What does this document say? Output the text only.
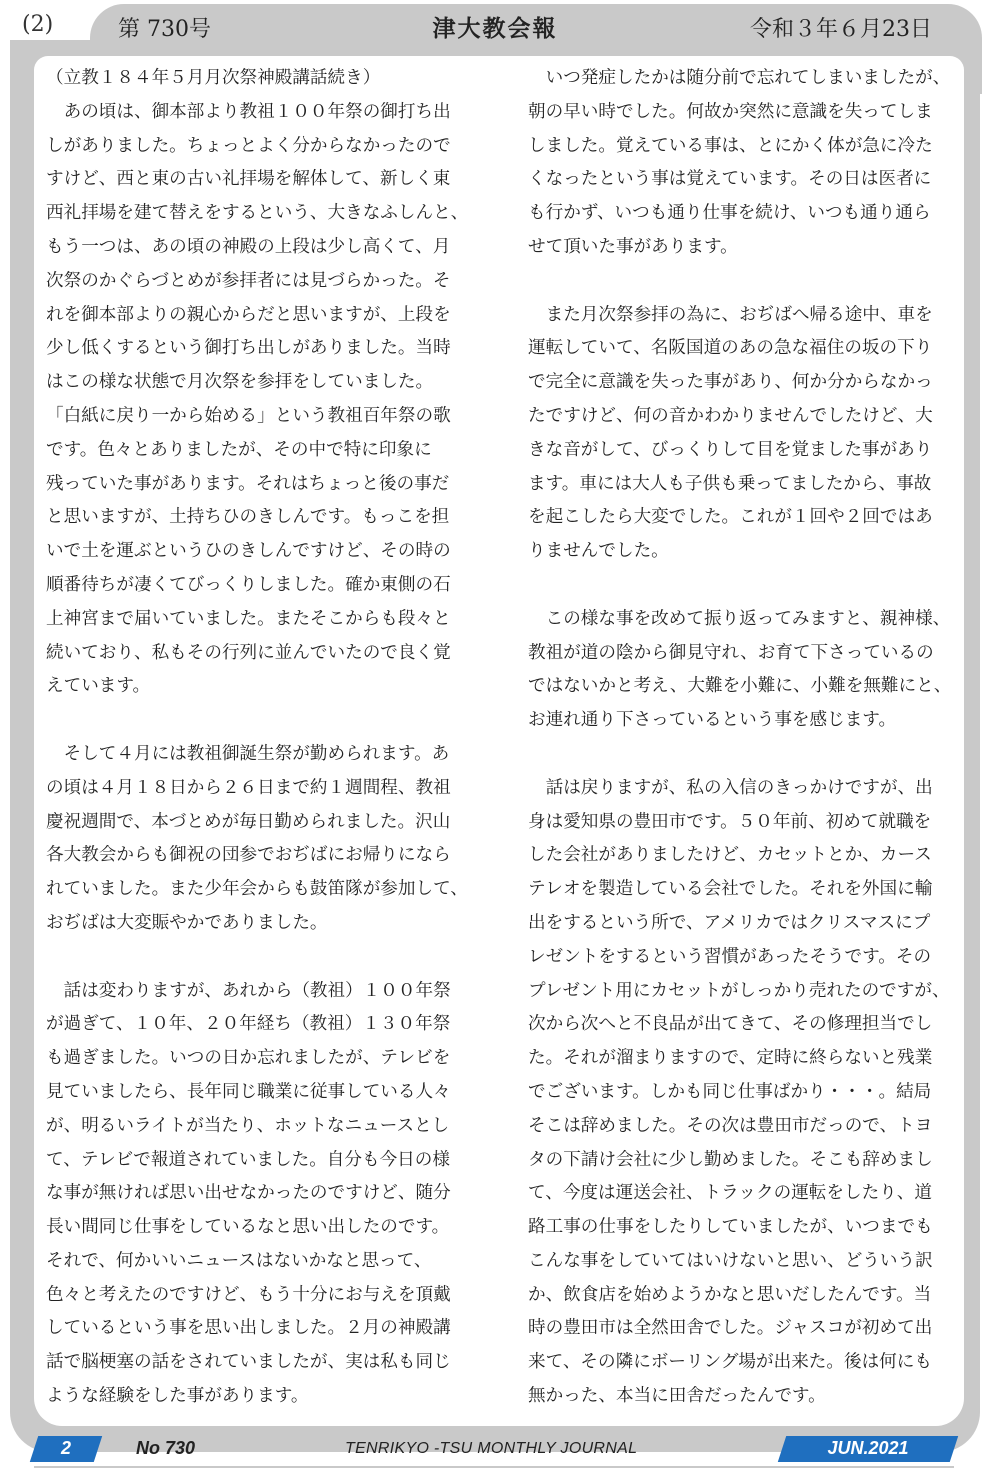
(2)	第 730号	津大教会報	令和３年６月23日
（立教１８４年５月月次祭神殿講話続き）
　あの頃は、御本部より教祖１００年祭の御打ち出
しがありました。ちょっとよく分からなかったので
すけど、西と東の古い礼拝場を解体して、新しく東
西礼拝場を建て替えをするという、大きなふしんと、
もう一つは、あの頃の神殿の上段は少し高くて、月
次祭のかぐらづとめが参拝者には見づらかった。そ
れを御本部よりの親心からだと思いますが、上段を
少し低くするという御打ち出しがありました。当時
はこの様な状態で月次祭を参拝をしていました。
「白紙に戻り一から始める」という教祖百年祭の歌
です。色々とありましたが、その中で特に印象に
残っていた事があります。それはちょっと後の事だ
と思いますが、土持ちひのきしんです。もっこを担
いで土を運ぶというひのきしんですけど、その時の
順番待ちが凄くてびっくりしました。確か東側の石
上神宮まで届いていました。またそこからも段々と
続いており、私もその行列に並んでいたので良く覚
えています。
　そして４月には教祖御誕生祭が勤められます。あ
の頃は４月１８日から２６日まで約１週間程、教祖
慶祝週間で、本づとめが毎日勤められました。沢山
各大教会からも御祝の団参でおぢばにお帰りになら
れていました。また少年会からも鼓笛隊が参加して、
おぢばは大変賑やかでありました。
　話は変わりますが、あれから（教祖）１００年祭
が過ぎて、１０年、２０年経ち（教祖）１３０年祭
も過ぎました。いつの日か忘れましたが、テレビを
見ていましたら、長年同じ職業に従事している人々
が、明るいライトが当たり、ホットなニュースとし
て、テレビで報道されていました。自分も今日の様
な事が無ければ思い出せなかったのですけど、随分
長い間同じ仕事をしているなと思い出したのです。
それで、何かいいニュースはないかなと思って、
色々と考えたのですけど、もう十分にお与えを頂戴
しているという事を思い出しました。２月の神殿講
話で脳梗塞の話をされていましたが、実は私も同じ
ような経験をした事があります。
　いつ発症したかは随分前で忘れてしまいましたが、
朝の早い時でした。何故か突然に意識を失ってしま
しました。覚えている事は、とにかく体が急に冷た
くなったという事は覚えています。その日は医者に
も行かず、いつも通り仕事を続け、いつも通り通ら
せて頂いた事があります。
　また月次祭参拝の為に、おぢばへ帰る途中、車を
運転していて、名阪国道のあの急な福住の坂の下り
で完全に意識を失った事があり、何か分からなかっ
たですけど、何の音かわかりませんでしたけど、大
きな音がして、びっくりして目を覚ました事があり
ます。車には大人も子供も乗ってましたから、事故
を起こしたら大変でした。これが１回や２回ではあ
りませんでした。
　この様な事を改めて振り返ってみますと、親神様、
教祖が道の陰から御見守れ、お育て下さっているの
ではないかと考え、大難を小難に、小難を無難にと、
お連れ通り下さっているという事を感じます。
　話は戻りますが、私の入信のきっかけですが、出
身は愛知県の豊田市です。５０年前、初めて就職を
した会社がありましたけど、カセットとか、カース
テレオを製造している会社でした。それを外国に輸
出をするという所で、アメリカではクリスマスにプ
レゼントをするという習慣があったそうです。その
プレゼント用にカセットがしっかり売れたのですが、
次から次へと不良品が出てきて、その修理担当でし
た。それが溜まりますので、定時に終らないと残業
でございます。しかも同じ仕事ばかり・・・。結局
そこは辞めました。その次は豊田市だっので、トヨ
タの下請け会社に少し勤めました。そこも辞めまし
て、今度は運送会社、トラックの運転をしたり、道
路工事の仕事をしたりしていましたが、いつまでも
こんな事をしていてはいけないと思い、どういう訳
か、飲食店を始めようかなと思いだしたんです。当
時の豊田市は全然田舎でした。ジャスコが初めて出
来て、その隣にボーリング場が出来た。後は何にも
無かった、本当に田舎だったんです。
2	No 730	TENRIKYO -TSU MONTHLY JOURNAL	JUN.2021
